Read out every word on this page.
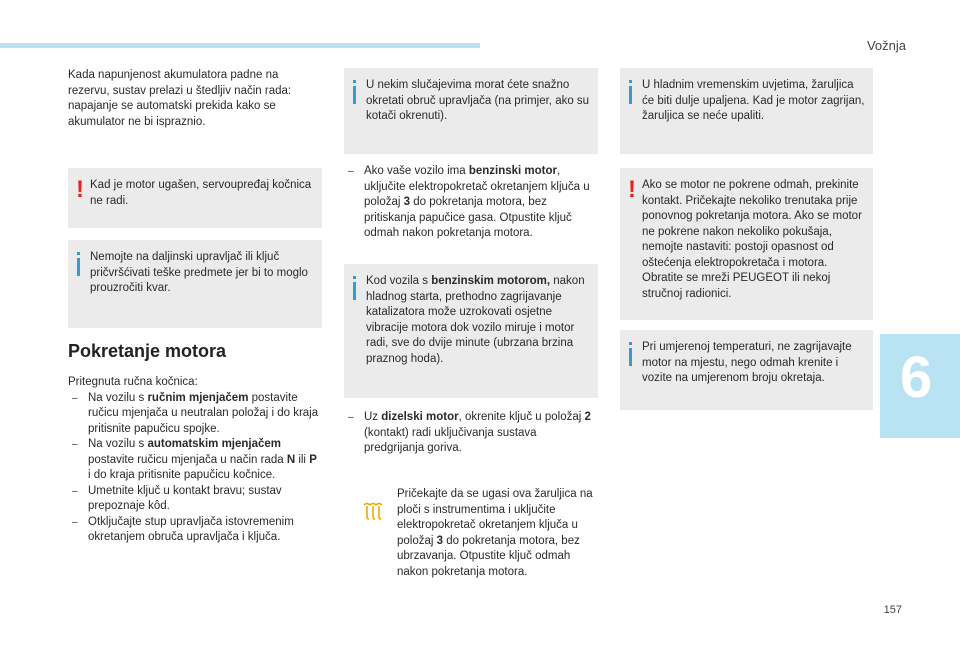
Vožnja

Kada napunjenost akumulatora padne na rezervu, sustav prelazi u štedljiv način rada: napajanje se automatski prekida kako se akumulator ne bi ispraznio.

! Kad je motor ugašen, servoupređaj kočnica ne radi.
Nemojte na daljinski upravljač ili ključ pričvršćivati teške predmete jer bi to moglo prouzročiti kvar.
Pokretanje motora

Pritegnuta ručna kočnica:

– Na vozilu s ručnim mjenjačem postavite ručicu mjenjača u neutralan položaj i do kraja pritisnite papučicu spojke.
– Na vozilu s automatskim mjenjačem postavite ručicu mjenjača u način rada N ili P i do kraja pritisnite papučicu kočnice.
– Umetnite ključ u kontakt bravu; sustav prepoznaje kôd.
– Otključajte stup upravljača istovremenim okretanjem obruča upravljača i ključa.
U nekim slučajevima morat ćete snažno okretati obruč upravljača (na primjer, ako su kotači okrenuti).
– Ako vaše vozilo ima benzinski motor, uključite elektropokretač okretanjem ključa u položaj 3 do pokretanja motora, bez pritiskanja papučice gasa. Otpustite ključ odmah nakon pokretanja motora.
Kod vozila s benzinskim motorom, nakon hladnog starta, prethodno zagrijavanje katalizatora može uzrokovati osjetne vibracije motora dok vozilo miruje i motor radi, sve do dvije minute (ubrzana brzina praznog hoda).
– Uz dizelski motor, okrenite ključ u položaj 2 (kontakt) radi uključivanja sustava predgrijanja goriva.

Pričekajte da se ugasi ova žaruljica na ploči s instrumentima i uključite elektropokretač okretanjem ključa u položaj 3 do pokretanja motora, bez ubrzavanja. Otpustite ključ odmah nakon pokretanja motora.

U hladnim vremenskim uvjetima, žaruljica će biti dulje upaljena. Kad je motor zagrijan, žaruljica se neće upaliti.
! Ako se motor ne pokrene odmah, prekinite kontakt. Pričekajte nekoliko trenutaka prije ponovnog pokretanja motora. Ako se motor ne pokrene nakon nekoliko pokušaja, nemojte nastaviti: postoji opasnost od oštećenja elektropokretača i motora. Obratite se mreži PEUGEOT ili nekoj stručnoj radionici.
Pri umjerenoj temperaturi, ne zagrijavajte motor na mjestu, nego odmah krenite i vozite na umjerenom broju okretaja.	6
157
